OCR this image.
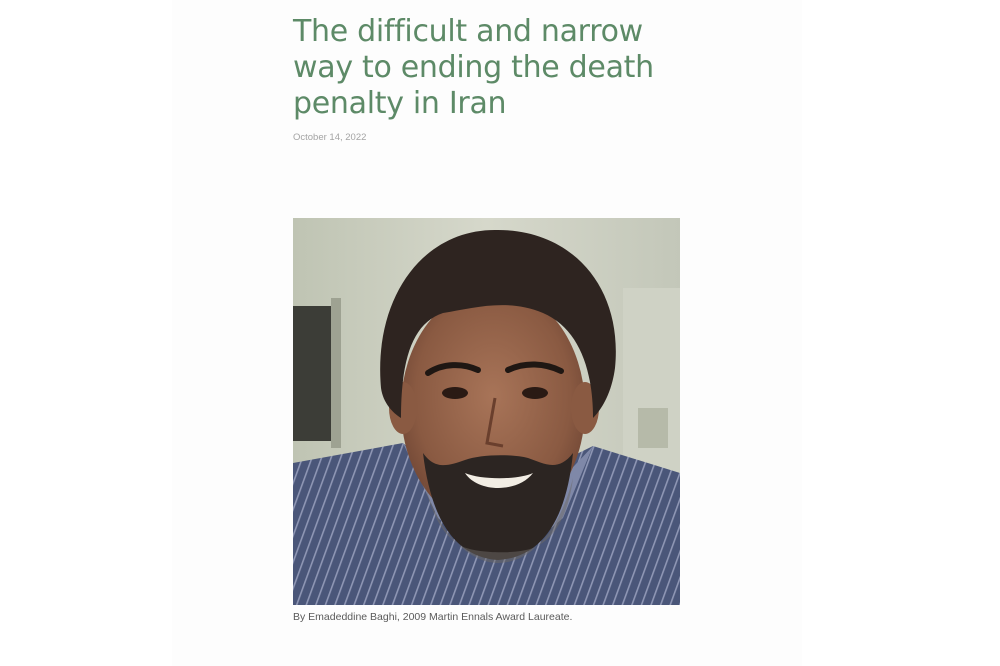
The difficult and narrow way to ending the death penalty in Iran
October 14, 2022
By Emadeddine Baghi, 2009 Martin Ennals Award Laureate.
